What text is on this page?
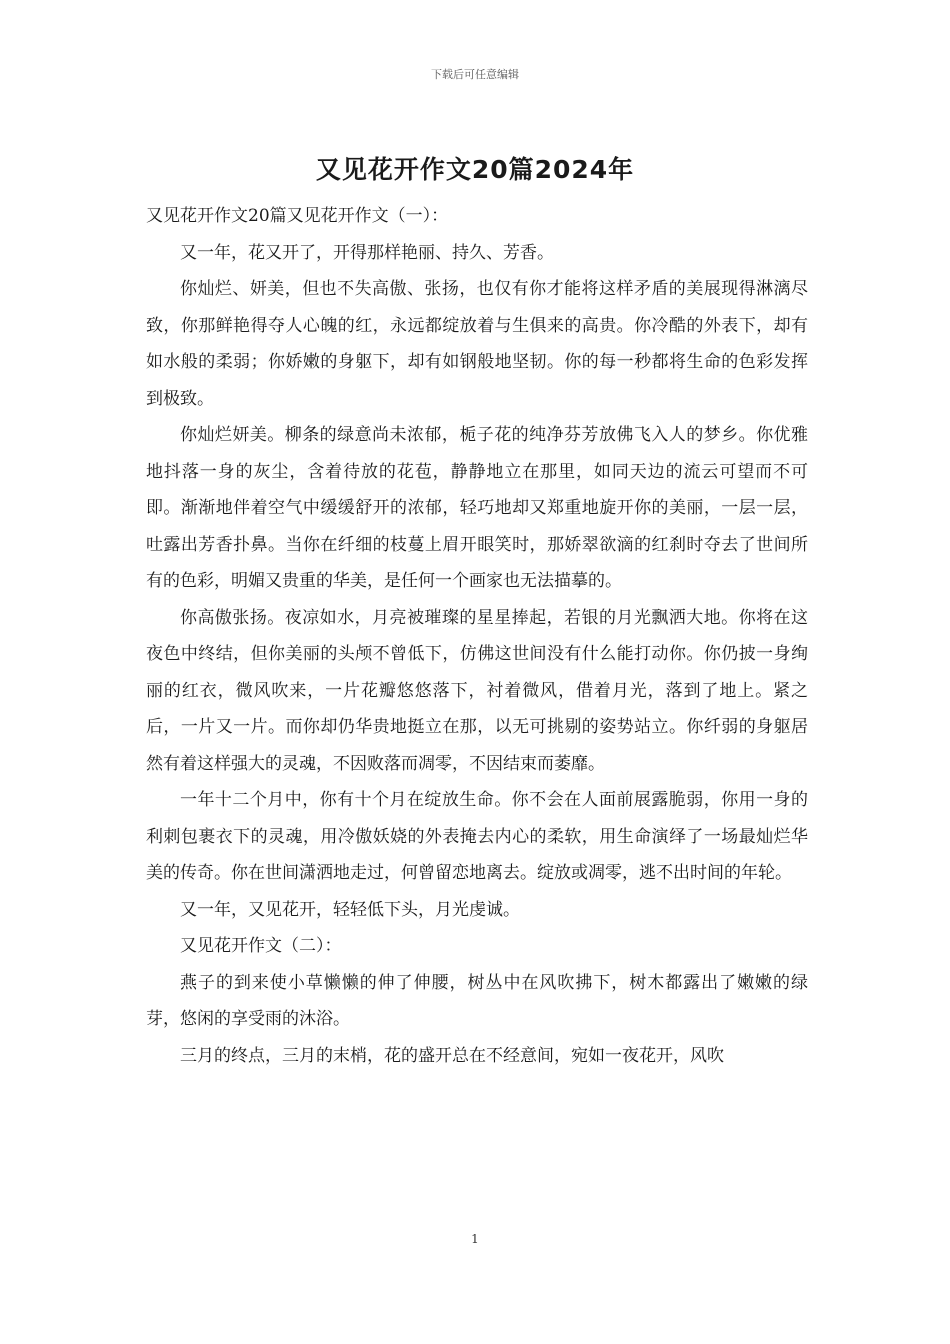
下载后可任意编辑
又见花开作文20篇2024年

又见花开作文20篇又见花开作文（一）：

又一年，花又开了，开得那样艳丽、持久、芳香。

你灿烂、妍美，但也不失高傲、张扬，也仅有你才能将这样矛盾的美展现得淋漓尽致，你那鲜艳得夺人心魄的红，永远都绽放着与生俱来的高贵。你冷酷的外表下，却有如水般的柔弱；你娇嫩的身躯下，却有如钢般地坚韧。你的每一秒都将生命的色彩发挥到极致。

你灿烂妍美。柳条的绿意尚未浓郁，栀子花的纯净芬芳放佛飞入人的梦乡。你优雅地抖落一身的灰尘，含着待放的花苞，静静地立在那里，如同天边的流云可望而不可即。渐渐地伴着空气中缓缓舒开的浓郁，轻巧地却又郑重地旋开你的美丽，一层一层，吐露出芳香扑鼻。当你在纤细的枝蔓上眉开眼笑时，那娇翠欲滴的红刹时夺去了世间所有的色彩，明媚又贵重的华美，是任何一个画家也无法描摹的。

你高傲张扬。夜凉如水，月亮被璀璨的星星捧起，若银的月光飘洒大地。你将在这夜色中终结，但你美丽的头颅不曾低下，仿佛这世间没有什么能打动你。你仍披一身绚丽的红衣，微风吹来，一片花瓣悠悠落下，衬着微风，借着月光，落到了地上。紧之后，一片又一片。而你却仍华贵地挺立在那，以无可挑剔的姿势站立。你纤弱的身躯居然有着这样强大的灵魂，不因败落而凋零，不因结束而萎靡。

一年十二个月中，你有十个月在绽放生命。你不会在人面前展露脆弱，你用一身的利刺包裹衣下的灵魂，用冷傲妖娆的外表掩去内心的柔软，用生命演绎了一场最灿烂华美的传奇。你在世间潇洒地走过，何曾留恋地离去。绽放或凋零，逃不出时间的年轮。

又一年，又见花开，轻轻低下头，月光虔诚。

又见花开作文（二）：

燕子的到来使小草懒懒的伸了伸腰，树丛中在风吹拂下，树木都露出了嫩嫩的绿芽，悠闲的享受雨的沐浴。

三月的终点，三月的末梢，花的盛开总在不经意间，宛如一夜花开，风吹

1
